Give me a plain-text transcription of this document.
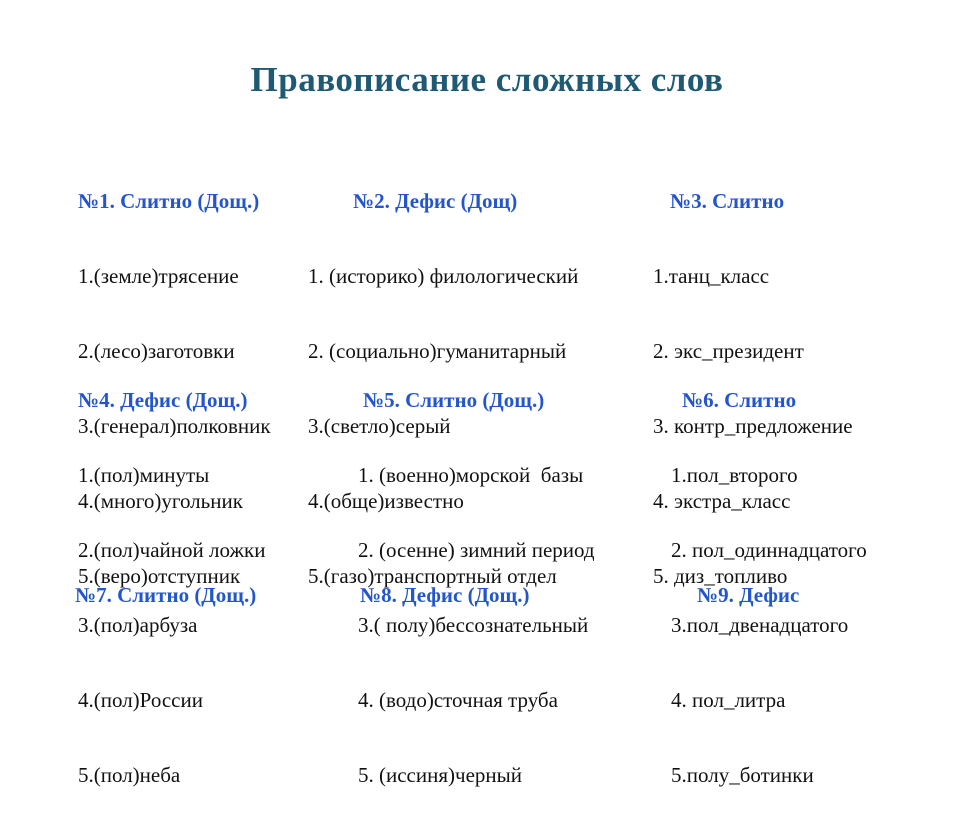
Правописание сложных слов

№1. Слитно (Дощ.)

1.(земле)трясение

2.(лесо)заготовки

3.(генерал)полковник

4.(много)угольник

5.(веро)отступник

№2. Дефис (Дощ)

1. (историко) филологический

2. (социально)гуманитарный

3.(светло)серый

4.(обще)известно

5.(газо)транспортный отдел

№3. Слитно

1.танц_класс

2. экс_президент

3. контр_предложение

4. экстра_класс

5. диз_топливо

№4. Дефис (Дощ.)

1.(пол)минуты

2.(пол)чайной ложки

3.(пол)арбуза

4.(пол)России

5.(пол)неба

№5. Слитно (Дощ.)

1. (военно)морской  базы

2. (осенне) зимний период

3.( полу)бессознательный

4. (водо)сточная труба

5. (иссиня)черный

№6. Слитно

1.пол_второго

2. пол_одиннадцатого

3.пол_двенадцатого

4. пол_литра

5.полу_ботинки

№7. Слитно (Дощ.)

	№8. Дефис (Дощ.)

	№9. Дефис
